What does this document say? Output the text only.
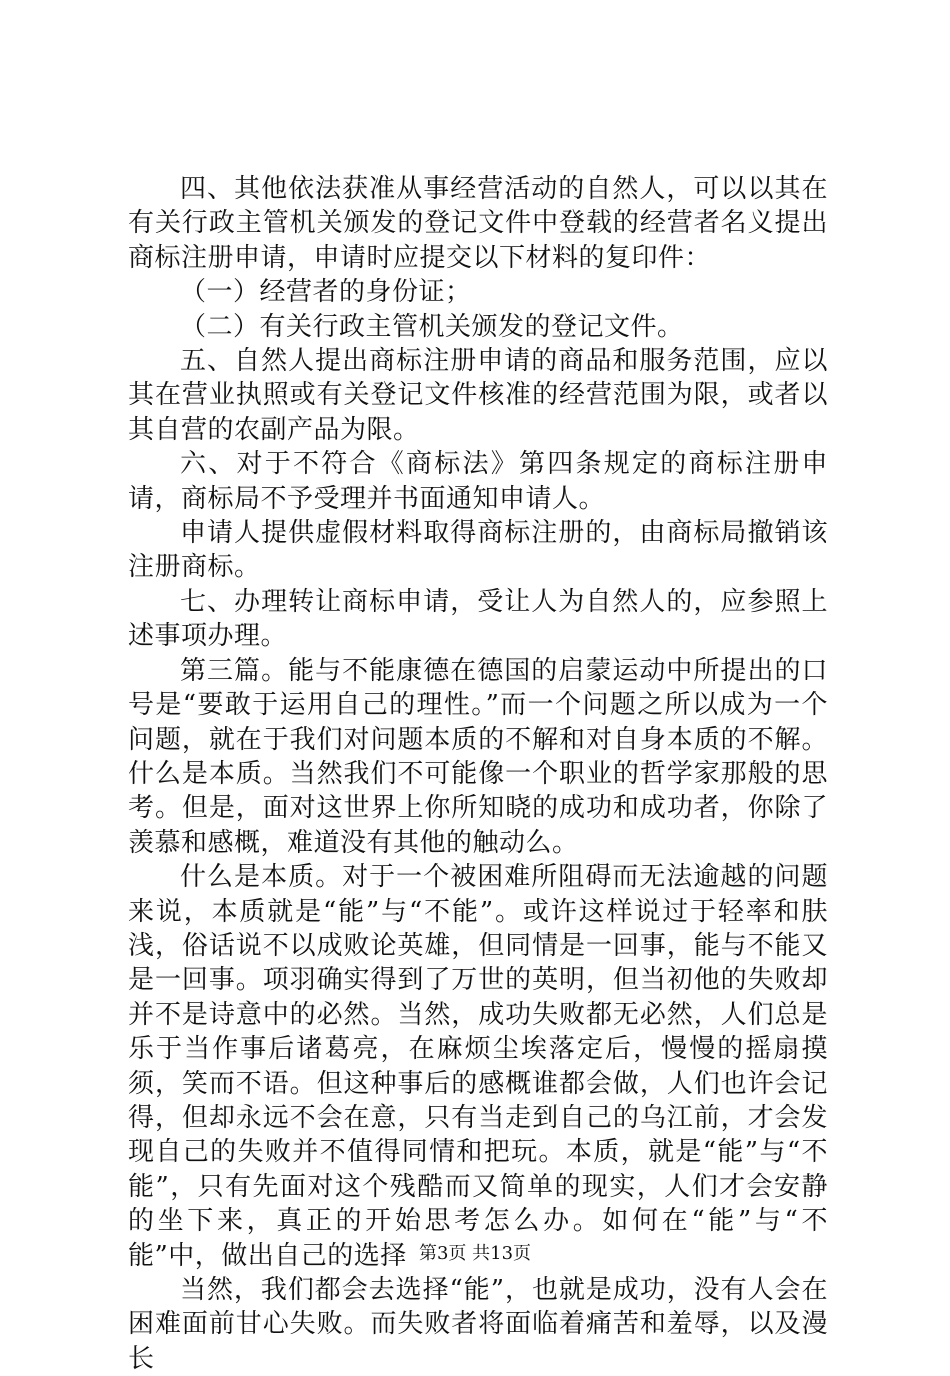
四、其他依法获准从事经营活动的自然人，可以以其在有关行政主管机关颁发的登记文件中登载的经营者名义提出商标注册申请，申请时应提交以下材料的复印件：

（一）经营者的身份证；

（二）有关行政主管机关颁发的登记文件。

五、自然人提出商标注册申请的商品和服务范围，应以其在营业执照或有关登记文件核准的经营范围为限，或者以其自营的农副产品为限。

六、对于不符合《商标法》第四条规定的商标注册申请，商标局不予受理并书面通知申请人。

申请人提供虚假材料取得商标注册的，由商标局撤销该注册商标。

七、办理转让商标申请，受让人为自然人的，应参照上述事项办理。

第三篇。能与不能康德在德国的启蒙运动中所提出的口号是“要敢于运用自己的理性。”而一个问题之所以成为一个问题，就在于我们对问题本质的不解和对自身本质的不解。什么是本质。当然我们不可能像一个职业的哲学家那般的思考。但是，面对这世界上你所知晓的成功和成功者，你除了羡慕和感概，难道没有其他的触动么。

什么是本质。对于一个被困难所阻碍而无法逾越的问题来说，本质就是“能”与“不能”。或许这样说过于轻率和肤浅，俗话说不以成败论英雄，但同情是一回事，能与不能又是一回事。项羽确实得到了万世的英明，但当初他的失败却并不是诗意中的必然。当然，成功失败都无必然，人们总是乐于当作事后诸葛亮，在麻烦尘埃落定后，慢慢的摇扇摸须，笑而不语。但这种事后的感概谁都会做，人们也许会记得，但却永远不会在意，只有当走到自己的乌江前，才会发现自己的失败并不值得同情和把玩。本质，就是“能”与“不能”，只有先面对这个残酷而又简单的现实，人们才会安静的坐下来，真正的开始思考怎么办。如何在“能”与“不能”中，做出自己的选择

当然，我们都会去选择“能”，也就是成功，没有人会在困难面前甘心失败。而失败者将面临着痛苦和羞辱，以及漫长

第3页 共13页
